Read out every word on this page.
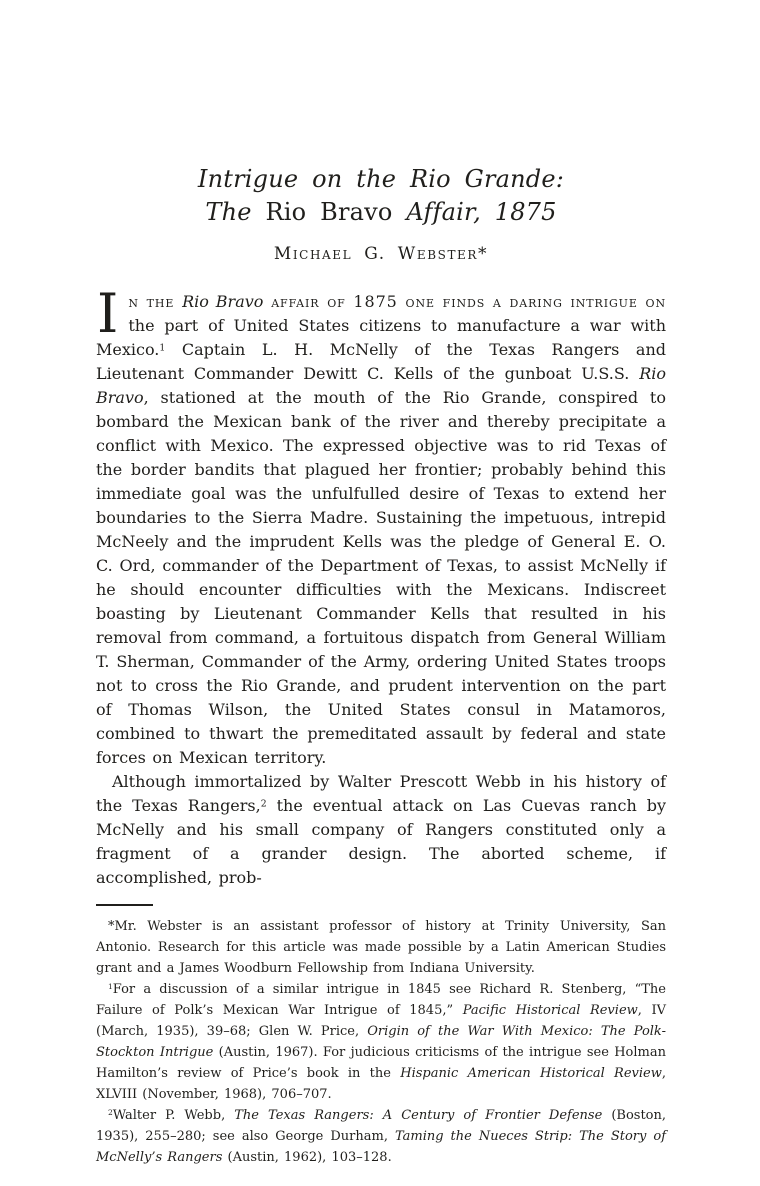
Intrigue on the Rio Grande:
The Rio Bravo Affair, 1875
Michael G. Webster*

In the Rio Bravo affair of 1875 one finds a daring intrigue on the part of United States citizens to manufacture a war with Mexico.$^1$ Captain L. H. McNelly of the Texas Rangers and Lieutenant Commander Dewitt C. Kells of the gunboat U.S.S. Rio Bravo, stationed at the mouth of the Rio Grande, conspired to bombard the Mexican bank of the river and thereby precipitate a conflict with Mexico. The expressed objective was to rid Texas of the border bandits that plagued her frontier; probably behind this immediate goal was the unfulfulled desire of Texas to extend her boundaries to the Sierra Madre. Sustaining the impetuous, intrepid McNeely and the imprudent Kells was the pledge of General E. O. C. Ord, commander of the Department of Texas, to assist McNelly if he should encounter difficulties with the Mexicans. Indiscreet boasting by Lieutenant Commander Kells that resulted in his removal from command, a fortuitous dispatch from General William T. Sherman, Commander of the Army, ordering United States troops not to cross the Rio Grande, and prudent intervention on the part of Thomas Wilson, the United States consul in Matamoros, combined to thwart the premeditated assault by federal and state forces on Mexican territory.

Although immortalized by Walter Prescott Webb in his history of the Texas Rangers,$^2$ the eventual attack on Las Cuevas ranch by McNelly and his small company of Rangers constituted only a fragment of a grander design. The aborted scheme, if accomplished, prob-

*Mr. Webster is an assistant professor of history at Trinity University, San Antonio. Research for this article was made possible by a Latin American Studies grant and a James Woodburn Fellowship from Indiana University.

$^1$For a discussion of a similar intrigue in 1845 see Richard R. Stenberg, “The Failure of Polk’s Mexican War Intrigue of 1845,” Pacific Historical Review, IV (March, 1935), 39–68; Glen W. Price, Origin of the War With Mexico: The Polk-Stockton Intrigue (Austin, 1967). For judicious criticisms of the intrigue see Holman Hamilton’s review of Price’s book in the Hispanic American Historical Review, XLVIII (November, 1968), 706–707.

$^2$Walter P. Webb, The Texas Rangers: A Century of Frontier Defense (Boston, 1935), 255–280; see also George Durham, Taming the Nueces Strip: The Story of McNelly’s Rangers (Austin, 1962), 103–128.
